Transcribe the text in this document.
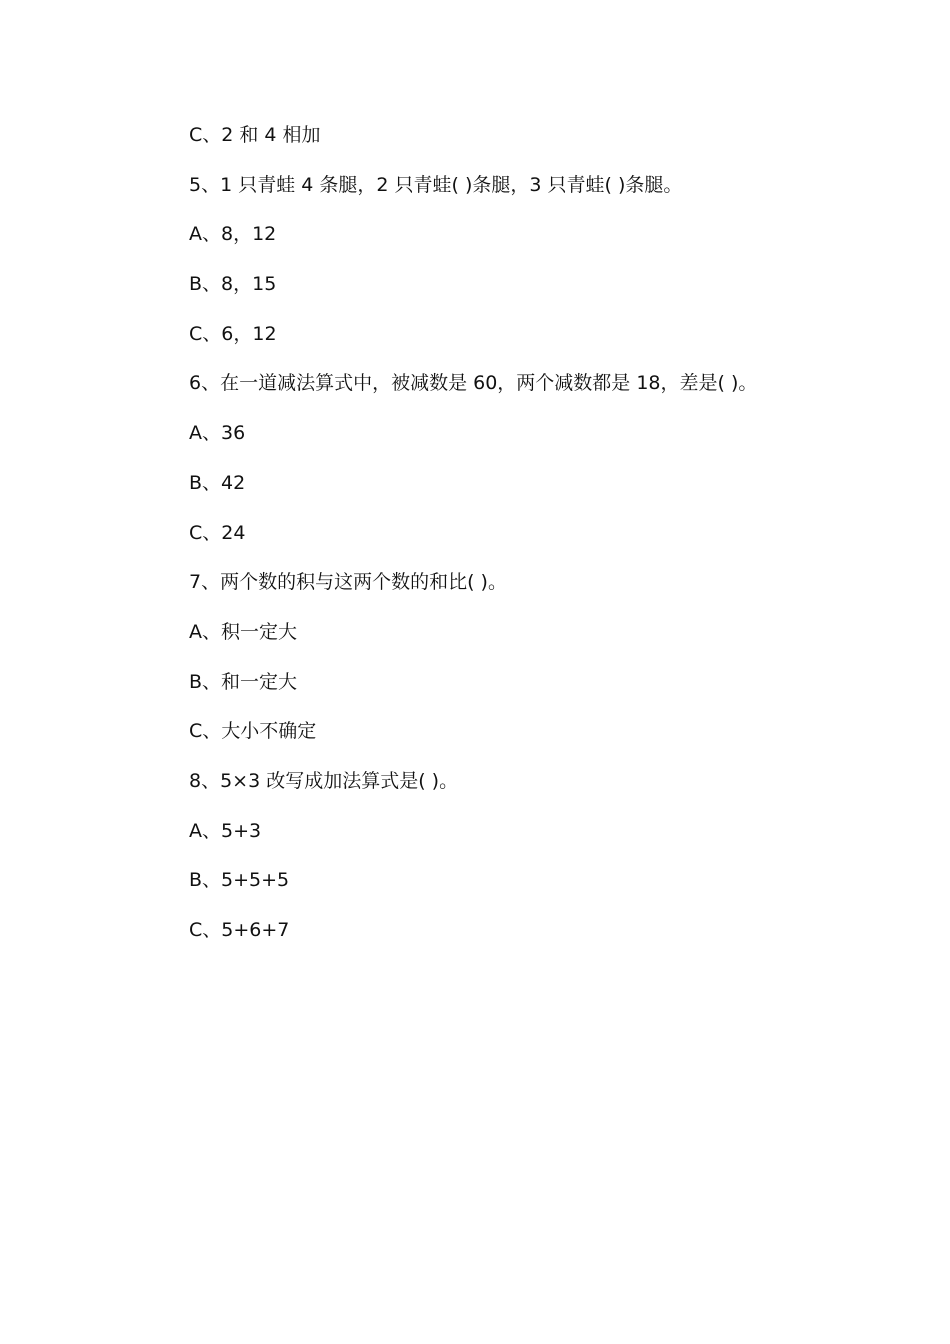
C、2 和 4 相加
5、1 只青蛙 4 条腿，2 只青蛙( )条腿，3 只青蛙( )条腿。
A、8，12
B、8，15
C、6，12
6、在一道减法算式中，被减数是 60，两个减数都是 18，差是( )。
A、36
B、42
C、24
7、两个数的积与这两个数的和比( )。
A、积一定大
B、和一定大
C、大小不确定
8、5×3 改写成加法算式是( )。
A、5+3
B、5+5+5
C、5+6+7
